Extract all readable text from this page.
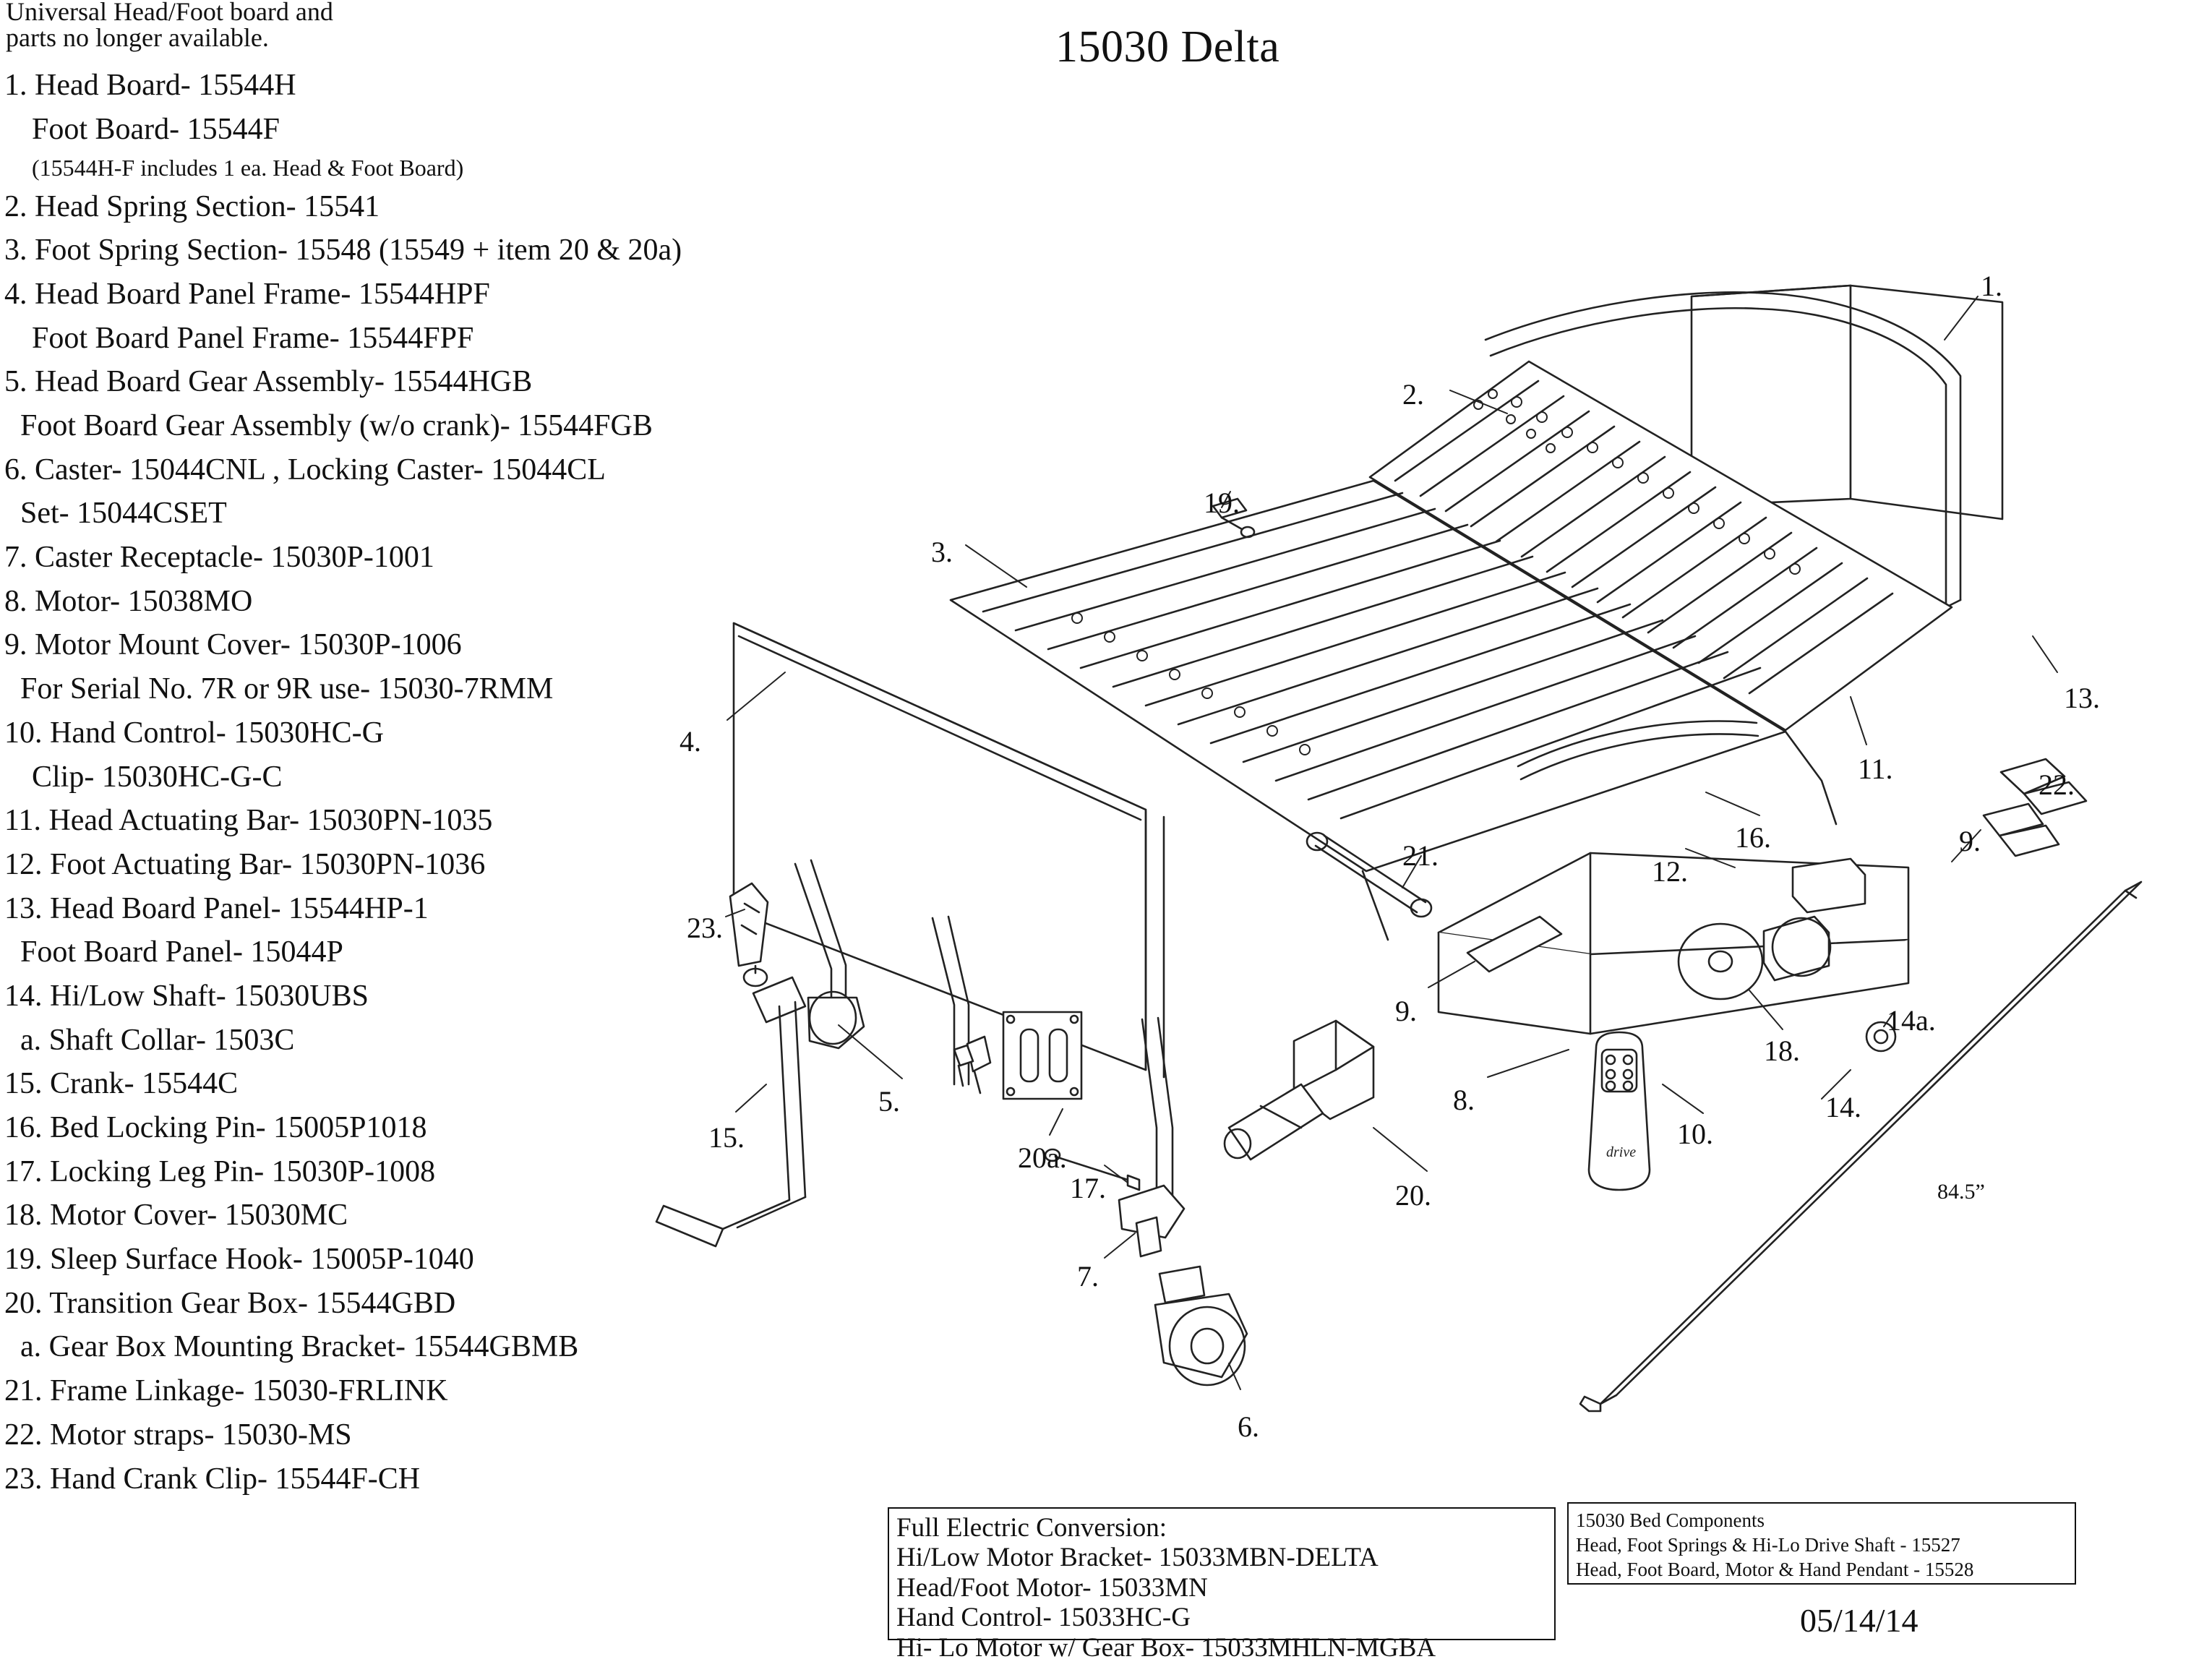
15030 Delta
Universal Head/Foot board and
parts no longer available.
1. Head Board- 15544H
Foot Board- 15544F
(15544H-F includes 1 ea. Head & Foot Board)
2. Head Spring Section- 15541
3. Foot Spring Section- 15548 (15549 + item 20 & 20a)
4. Head Board Panel Frame- 15544HPF
Foot Board Panel Frame- 15544FPF
5. Head Board Gear Assembly- 15544HGB
Foot Board Gear Assembly (w/o crank)- 15544FGB
6. Caster- 15044CNL , Locking Caster- 15044CL
Set- 15044CSET
7. Caster Receptacle- 15030P-1001
8. Motor- 15038MO
9. Motor Mount Cover- 15030P-1006
For Serial No. 7R or 9R use- 15030-7RMM
10. Hand Control- 15030HC-G
Clip- 15030HC-G-C
11. Head Actuating Bar- 15030PN-1035
12. Foot Actuating Bar- 15030PN-1036
13. Head Board Panel- 15544HP-1
Foot Board Panel- 15044P
14. Hi/Low Shaft- 15030UBS
a. Shaft Collar- 1503C
15. Crank- 15544C
16. Bed Locking Pin- 15005P1018
17. Locking Leg Pin- 15030P-1008
18. Motor Cover- 15030MC
19. Sleep Surface Hook- 15005P-1040
20. Transition Gear Box- 15544GBD
a. Gear Box Mounting Bracket- 15544GBMB
21. Frame Linkage- 15030-FRLINK
22. Motor straps- 15030-MS
23. Hand Crank Clip- 15544F-CH
drive
1.
2.
3.
4.
5.
6.
7.
8.
9.
9.
10.
11.
12.
13.
14.
14a.
15.
16.
17.
18.
19.
20.
20a.
21.
22.
23.
84.5”
Full Electric Conversion:
Hi/Low Motor Bracket- 15033MBN-DELTA
Head/Foot Motor- 15033MN
Hand Control- 15033HC-G
Hi- Lo Motor w/ Gear Box- 15033MHLN-MGBA
15030 Bed Components
Head, Foot Springs & Hi-Lo Drive Shaft - 15527
Head, Foot Board, Motor & Hand Pendant - 15528
05/14/14
